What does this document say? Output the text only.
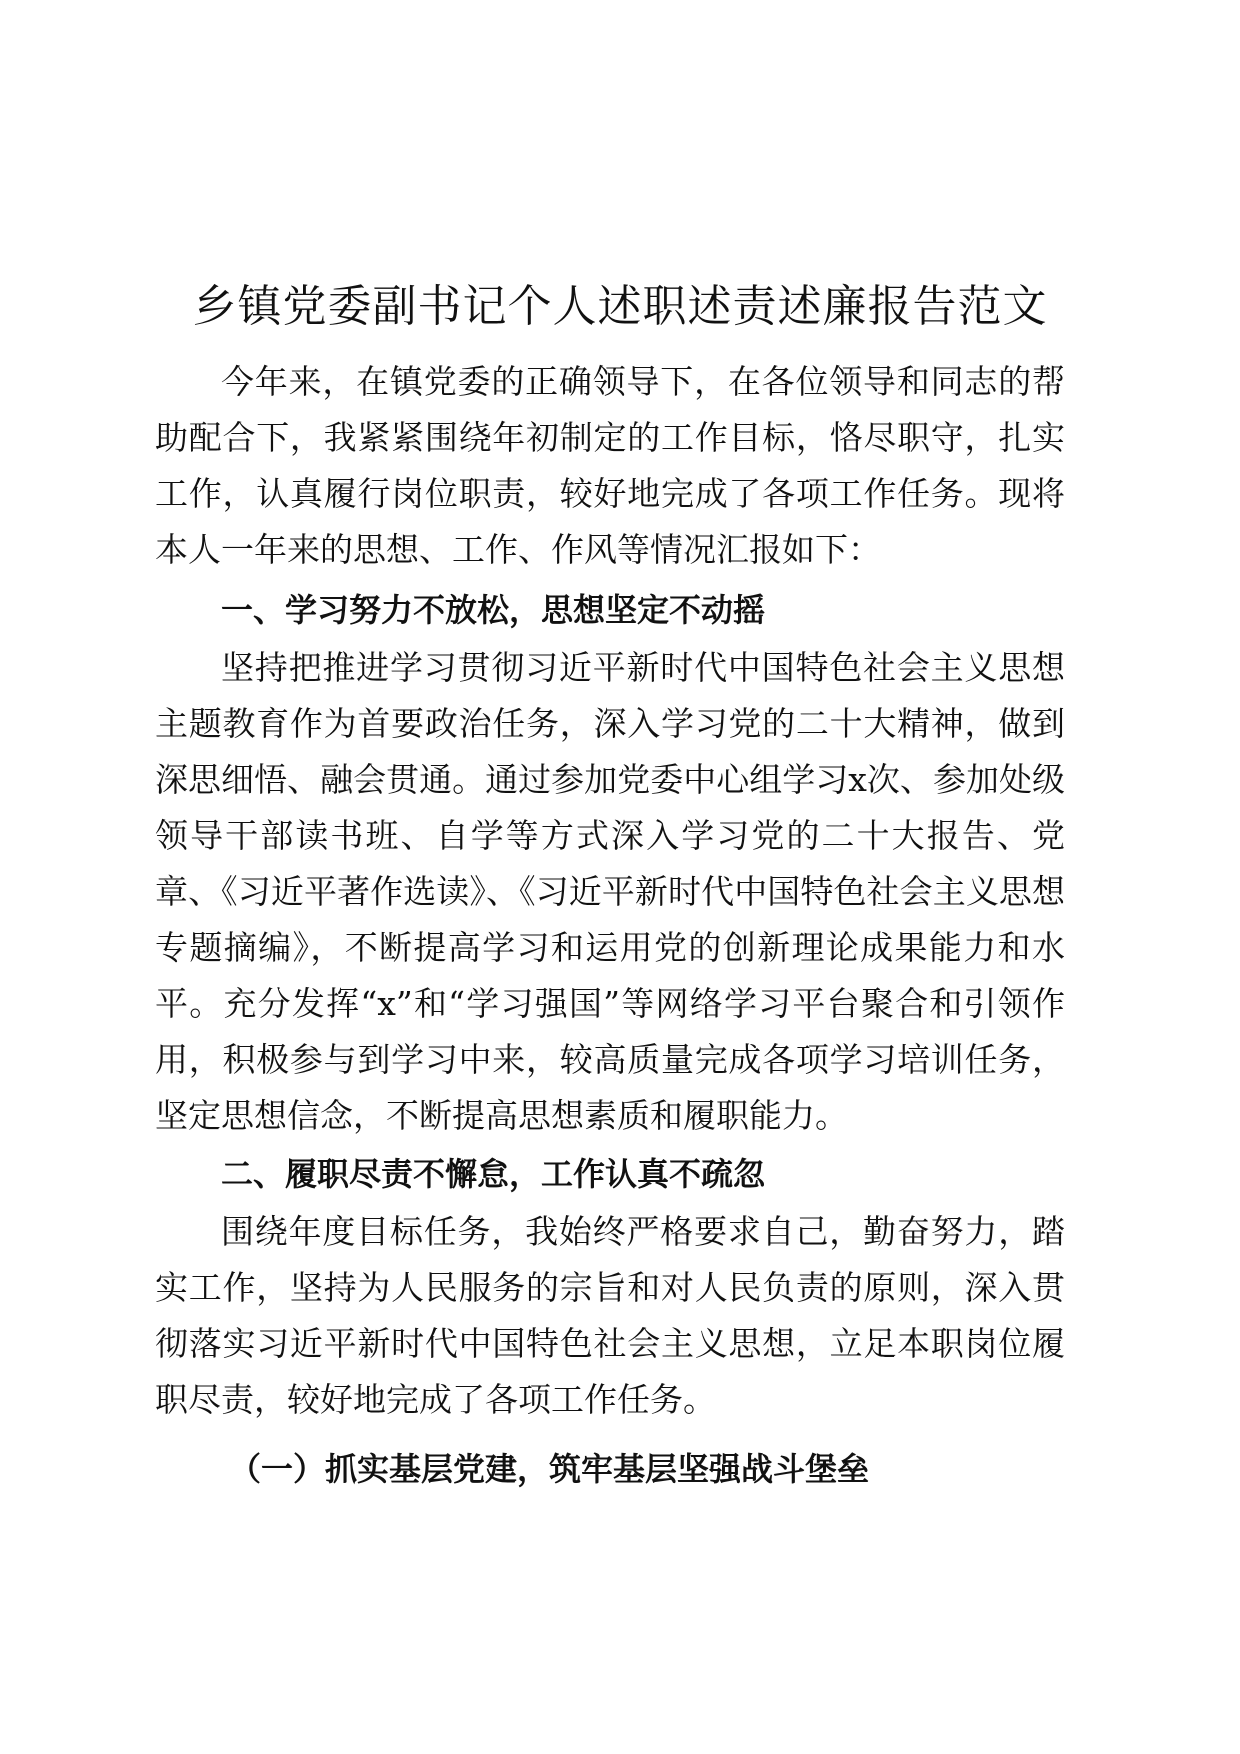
乡镇党委副书记个人述职述责述廉报告范文

今年来，在镇党委的正确领导下，在各位领导和同志的帮助配合下，我紧紧围绕年初制定的工作目标，恪尽职守，扎实工作，认真履行岗位职责，较好地完成了各项工作任务。现将本人一年来的思想、工作、作风等情况汇报如下：

一、学习努力不放松，思想坚定不动摇

坚持把推进学习贯彻习近平新时代中国特色社会主义思想主题教育作为首要政治任务，深入学习党的二十大精神，做到深思细悟、融会贯通。通过参加党委中心组学习x次、参加处级领导干部读书班、自学等方式深入学习党的二十大报告、党章、《习近平著作选读》、《习近平新时代中国特色社会主义思想专题摘编》，不断提高学习和运用党的创新理论成果能力和水平。充分发挥“x”和“学习强国”等网络学习平台聚合和引领作用，积极参与到学习中来，较高质量完成各项学习培训任务，坚定思想信念，不断提高思想素质和履职能力。

二、履职尽责不懈怠，工作认真不疏忽

围绕年度目标任务，我始终严格要求自己，勤奋努力，踏实工作，坚持为人民服务的宗旨和对人民负责的原则，深入贯彻落实习近平新时代中国特色社会主义思想，立足本职岗位履职尽责，较好地完成了各项工作任务。

（一）抓实基层党建，筑牢基层坚强战斗堡垒
